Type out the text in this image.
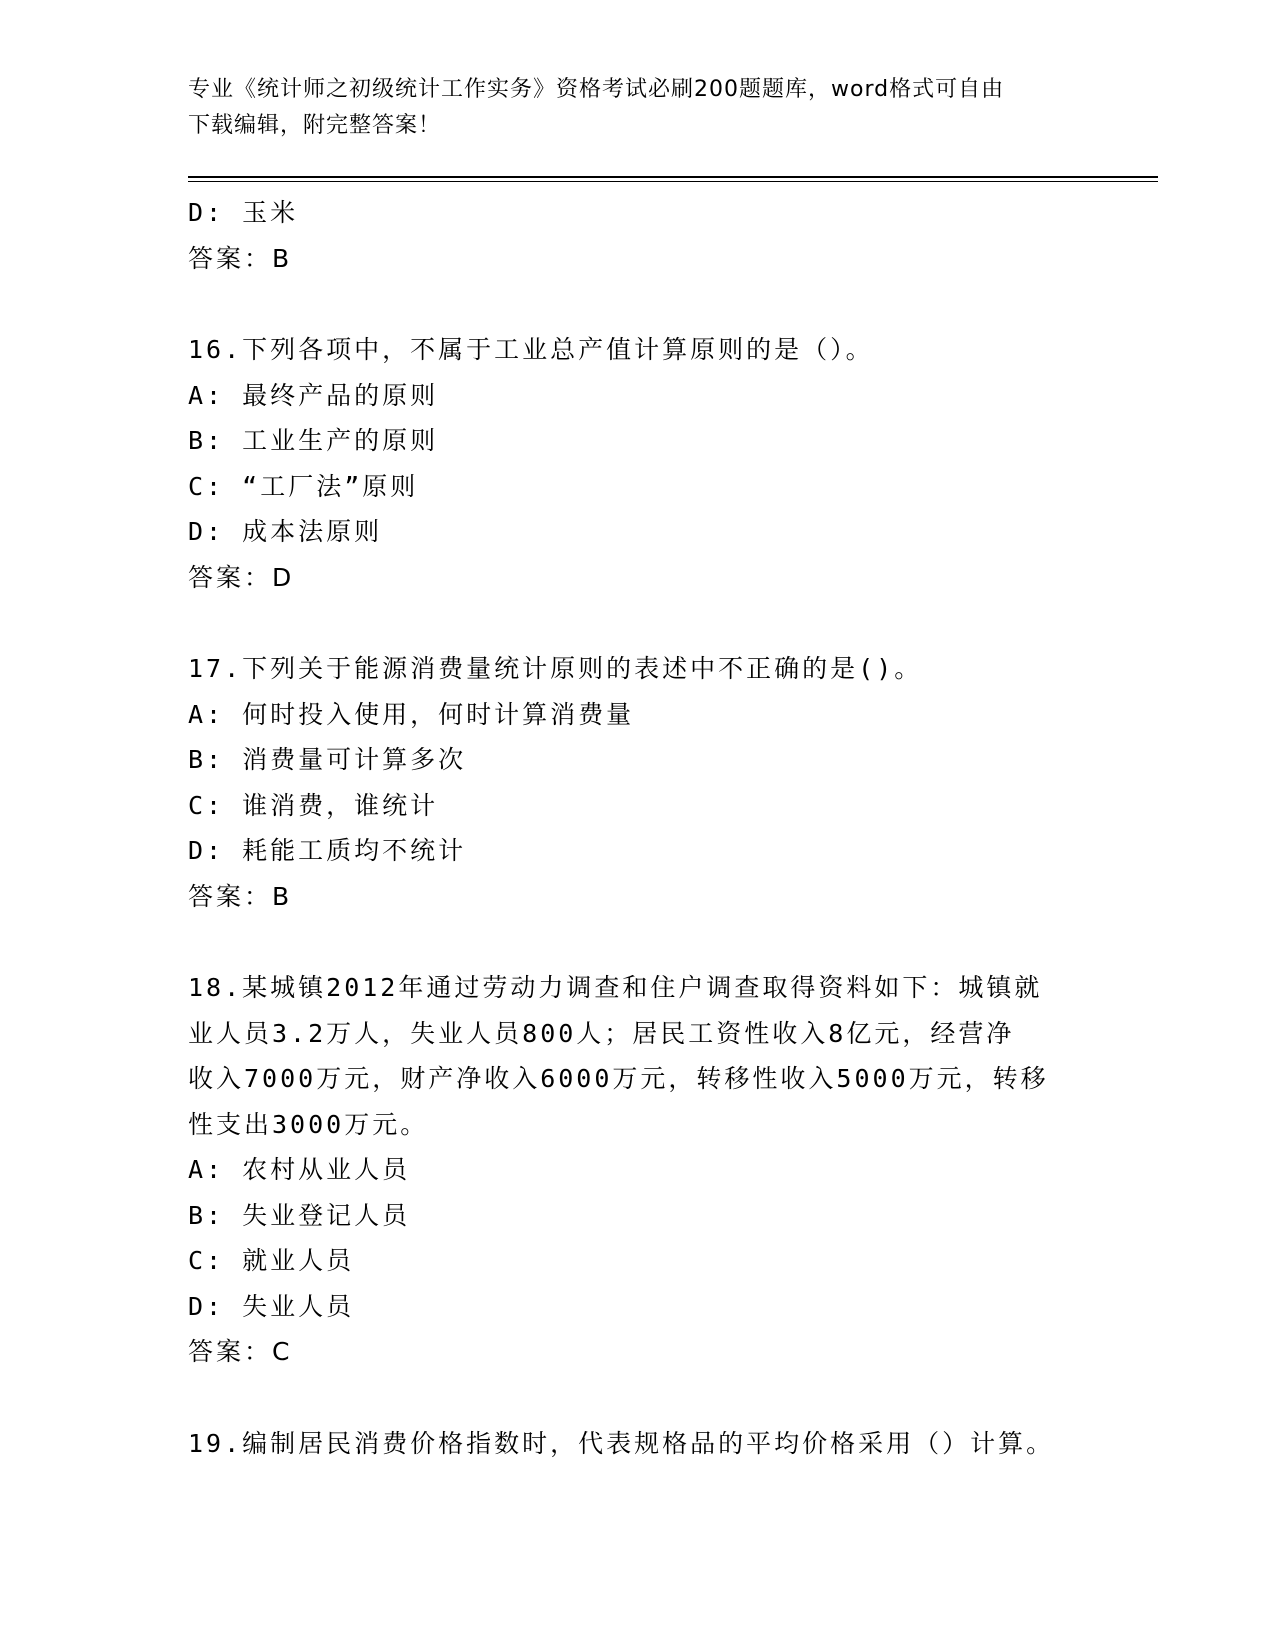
专业《统计师之初级统计工作实务》资格考试必刷200题题库，word格式可自由
下载编辑，附完整答案！
D: 玉米
答案：B
16.下列各项中，不属于工业总产值计算原则的是（）。
A: 最终产品的原则
B: 工业生产的原则
C: “工厂法”原则
D: 成本法原则
答案：D
17.下列关于能源消费量统计原则的表述中不正确的是()。
A: 何时投入使用，何时计算消费量
B: 消费量可计算多次
C: 谁消费，谁统计
D: 耗能工质均不统计
答案：B
18.某城镇2012年通过劳动力调查和住户调查取得资料如下：城镇就
业人员3.2万人，失业人员800人；居民工资性收入8亿元，经营净
收入7000万元，财产净收入6000万元，转移性收入5000万元，转移
性支出3000万元。
A: 农村从业人员
B: 失业登记人员
C: 就业人员
D: 失业人员
答案：C
19.编制居民消费价格指数时，代表规格品的平均价格采用（）计算。
